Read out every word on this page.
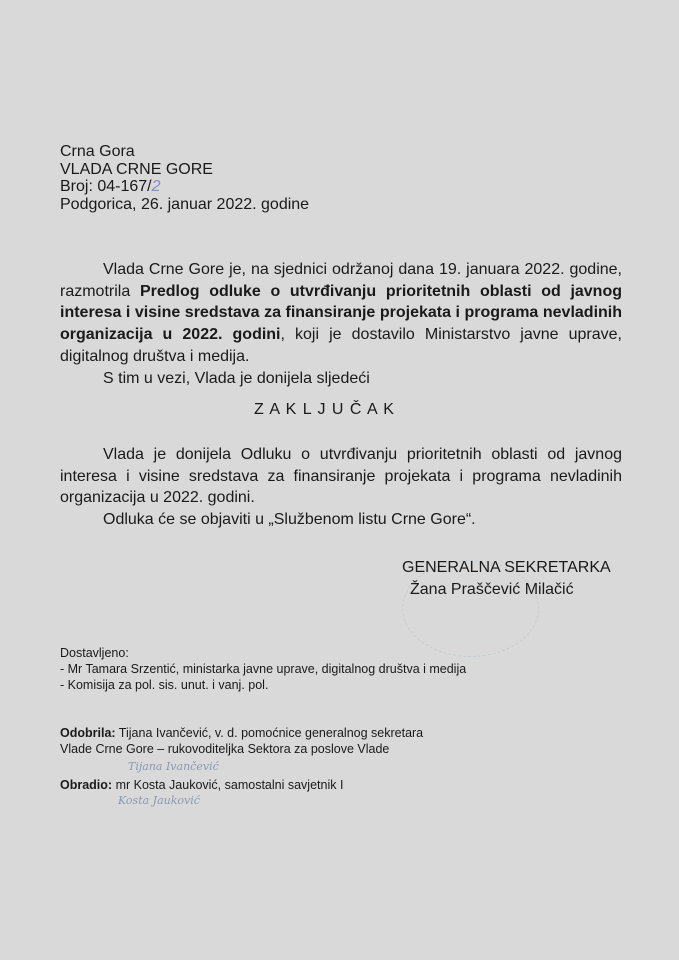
Crna Gora
VLADA CRNE GORE
Broj: 04-167/2
Podgorica, 26. januar 2022. godine
Vlada Crne Gore je, na sjednici održanoj dana 19. januara 2022. godine, razmotrila Predlog odluke o utvrđivanju prioritetnih oblasti od javnog interesa i visine sredstava za finansiranje projekata i programa nevladinih organizacija u 2022. godini, koji je dostavilo Ministarstvo javne uprave, digitalnog društva i medija.
S tim u vezi, Vlada je donijela sljedeći
Z A K L J U Č A K
Vlada je donijela Odluku o utvrđivanju prioritetnih oblasti od javnog interesa i visine sredstava za finansiranje projekata i programa nevladinih organizacija u 2022. godini.
Odluka će se objaviti u „Službenom listu Crne Gore“.
GENERALNA SEKRETARKA
Žana Praščević Milačić
Dostavljeno:
- Mr Tamara Srzentić, ministarka javne uprave, digitalnog društva i medija
- Komisija za pol. sis. unut. i vanj. pol.
Odobrila: Tijana Ivančević, v. d. pomoćnice generalnog sekretara
Vlade Crne Gore – rukovoditeljka Sektora za poslove Vlade
Tijana Ivančević
Obradio: mr Kosta Jauković, samostalni savjetnik I
Kosta Jauković
